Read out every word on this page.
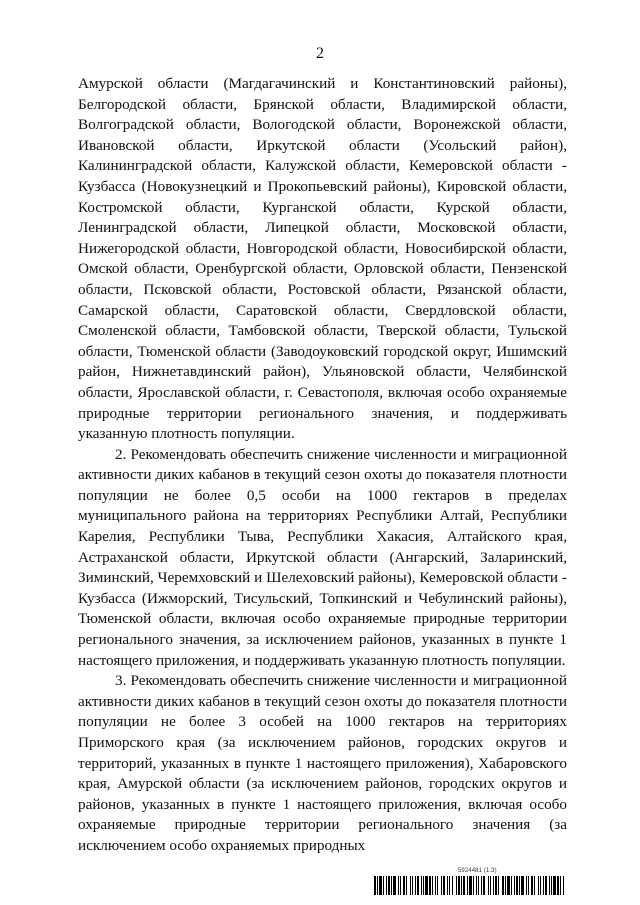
2

Амурской области (Магдагачинский и Константиновский районы), Белгородской области, Брянской области, Владимирской области, Волгоградской области, Вологодской области, Воронежской области, Ивановской области, Иркутской области (Усольский район), Калининградской области, Калужской области, Кемеровской области - Кузбасса (Новокузнецкий и Прокопьевский районы), Кировской области, Костромской области, Курганской области, Курской области, Ленинградской области, Липецкой области, Московской области, Нижегородской области, Новгородской области, Новосибирской области, Омской области, Оренбургской области, Орловской области, Пензенской области, Псковской области, Ростовской области, Рязанской области, Самарской области, Саратовской области, Свердловской области, Смоленской области, Тамбовской области, Тверской области, Тульской области, Тюменской области (Заводоуковский городской округ, Ишимский район, Нижнетавдинский район), Ульяновской области, Челябинской области, Ярославской области, г. Севастополя, включая особо охраняемые природные территории регионального значения, и поддерживать указанную плотность популяции.

2. Рекомендовать обеспечить снижение численности и миграционной активности диких кабанов в текущий сезон охоты до показателя плотности популяции не более 0,5 особи на 1000 гектаров в пределах муниципального района на территориях Республики Алтай, Республики Карелия, Республики Тыва, Республики Хакасия, Алтайского края, Астраханской области, Иркутской области (Ангарский, Заларинский, Зиминский, Черемховский и Шелеховский районы), Кемеровской области - Кузбасса (Ижморский, Тисульский, Топкинский и Чебулинский районы), Тюменской области, включая особо охраняемые природные территории регионального значения, за исключением районов, указанных в пункте 1 настоящего приложения, и поддерживать указанную плотность популяции.

3. Рекомендовать обеспечить снижение численности и миграционной активности диких кабанов в текущий сезон охоты до показателя плотности популяции не более 3 особей на 1000 гектаров на территориях Приморского края (за исключением районов, городских округов и территорий, указанных в пункте 1 настоящего приложения), Хабаровского края, Амурской области (за исключением районов, городских округов и районов, указанных в пункте 1 настоящего приложения, включая особо охраняемые природные территории регионального значения (за исключением особо охраняемых природных

5924481 (1.3)
